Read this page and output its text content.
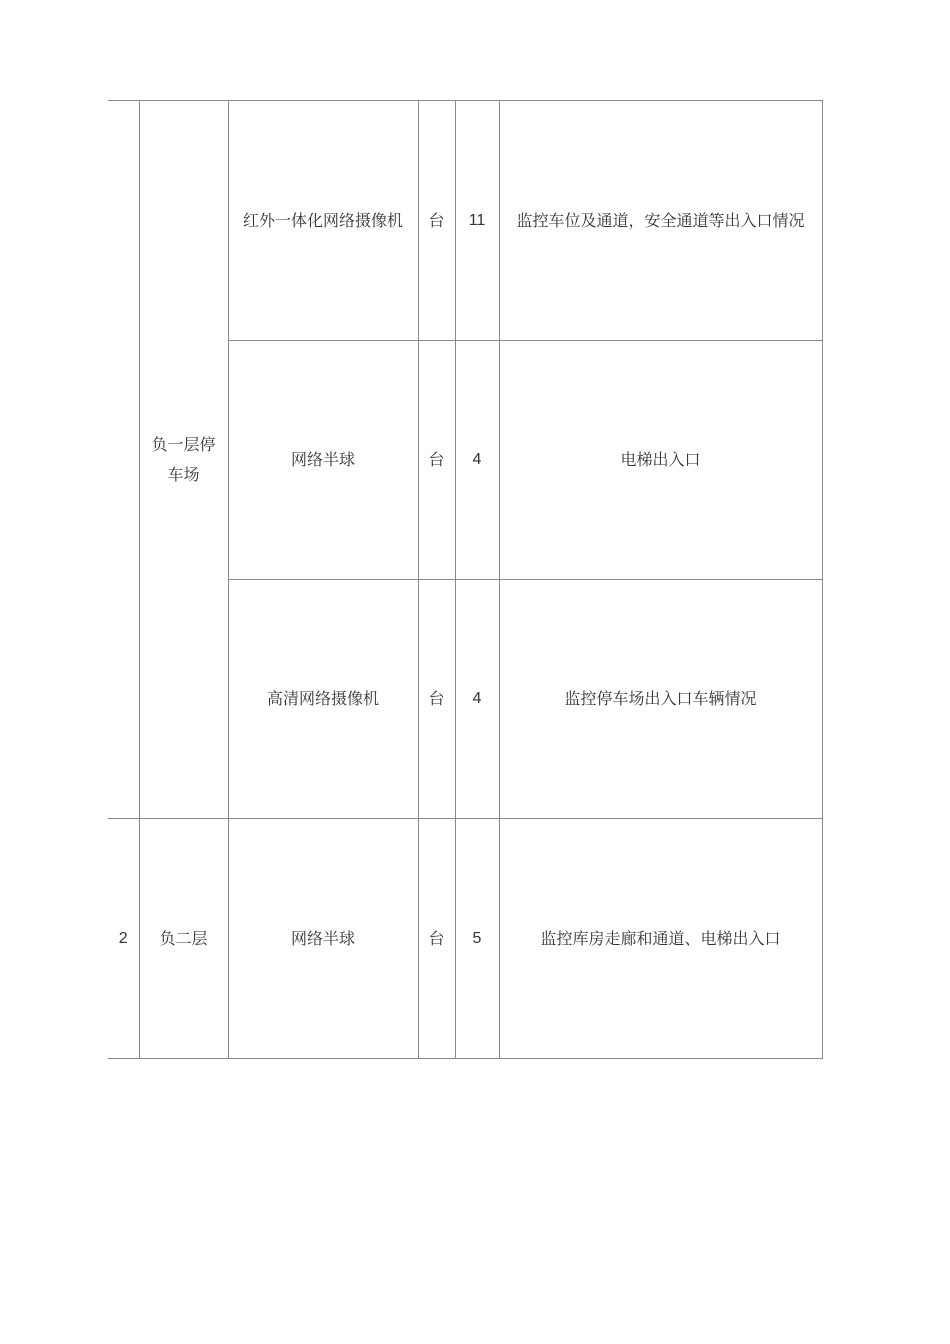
	负一层停车场	红外一体化网络摄像机	台	11	监控车位及通道，安全通道等出入口情况
		网络半球	台	4	电梯出入口
		高清网络摄像机	台	4	监控停车场出入口车辆情况
2	负二层	网络半球	台	5	监控库房走廊和通道、电梯出入口
